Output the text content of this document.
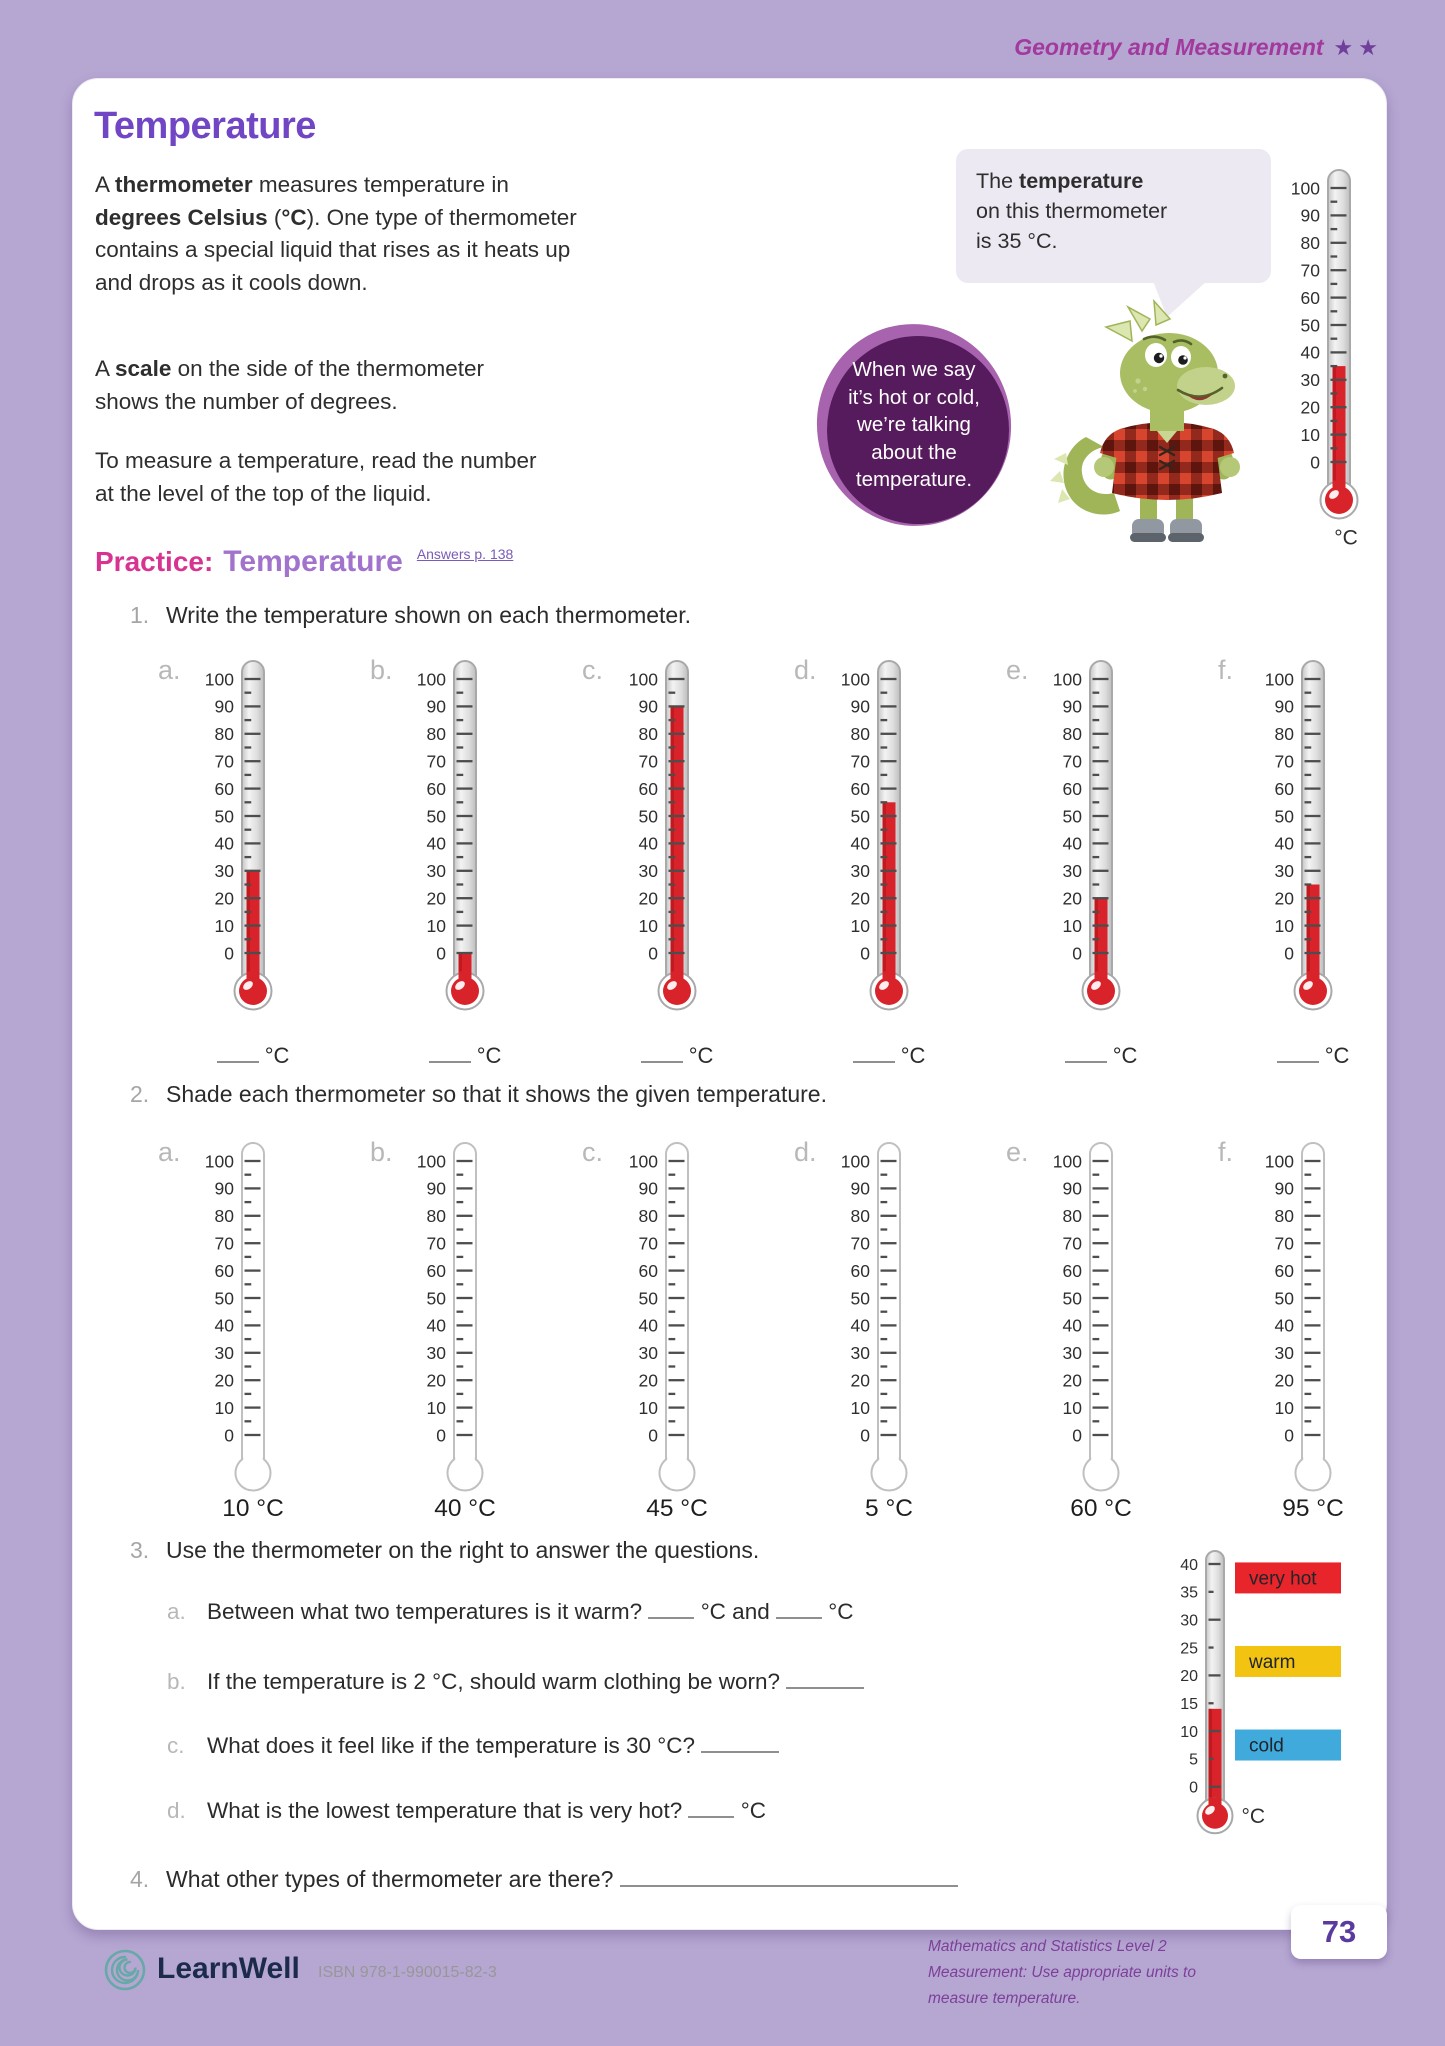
Geometry and Measurement ★★
Temperature

A thermometer measures temperature in
degrees Celsius (°C). One type of thermometer
contains a special liquid that rises as it heats up
and drops as it cools down.

A scale on the side of the thermometer
shows the number of degrees.

To measure a temperature, read the number
at the level of the top of the liquid.

The temperature
on this thermometer
is 35 °C.
When we say
it’s hot or cold,
we’re talking
about the
temperature.
0
10
20
30
40
50
60
70
80
90
100
°C
Practice: Temperature Answers p. 138
1. Write the temperature shown on each thermometer.
2. Shade each thermometer so that it shows the given temperature.
3. Use the thermometer on the right to answer the questions.
0
5
10
15
20
25
30
35
40
very hot
warm
cold
°C
4. What other types of thermometer are there?
a.
0
10
20
30
40
50
60
70
80
90
100
°C
b.
0
10
20
30
40
50
60
70
80
90
100
°C
c.
0
10
20
30
40
50
60
70
80
90
100
°C
d.
0
10
20
30
40
50
60
70
80
90
100
°C
e.
0
10
20
30
40
50
60
70
80
90
100
°C
f.
0
10
20
30
40
50
60
70
80
90
100
°C
a.
0
10
20
30
40
50
60
70
80
90
100
10 °C
b.
0
10
20
30
40
50
60
70
80
90
100
40 °C
c.
0
10
20
30
40
50
60
70
80
90
100
45 °C
d.
0
10
20
30
40
50
60
70
80
90
100
5 °C
e.
0
10
20
30
40
50
60
70
80
90
100
60 °C
f.
0
10
20
30
40
50
60
70
80
90
100
95 °C
a. Between what two temperatures is it warm?  °C and  °C
b. If the temperature is 2 °C, should warm clothing be worn?
c. What does it feel like if the temperature is 30 °C?
d. What is the lowest temperature that is very hot?  °C
LearnWell ISBN 978-1-990015-82-3
Mathematics and Statistics Level 2
Measurement: Use appropriate units to
measure temperature.
73
